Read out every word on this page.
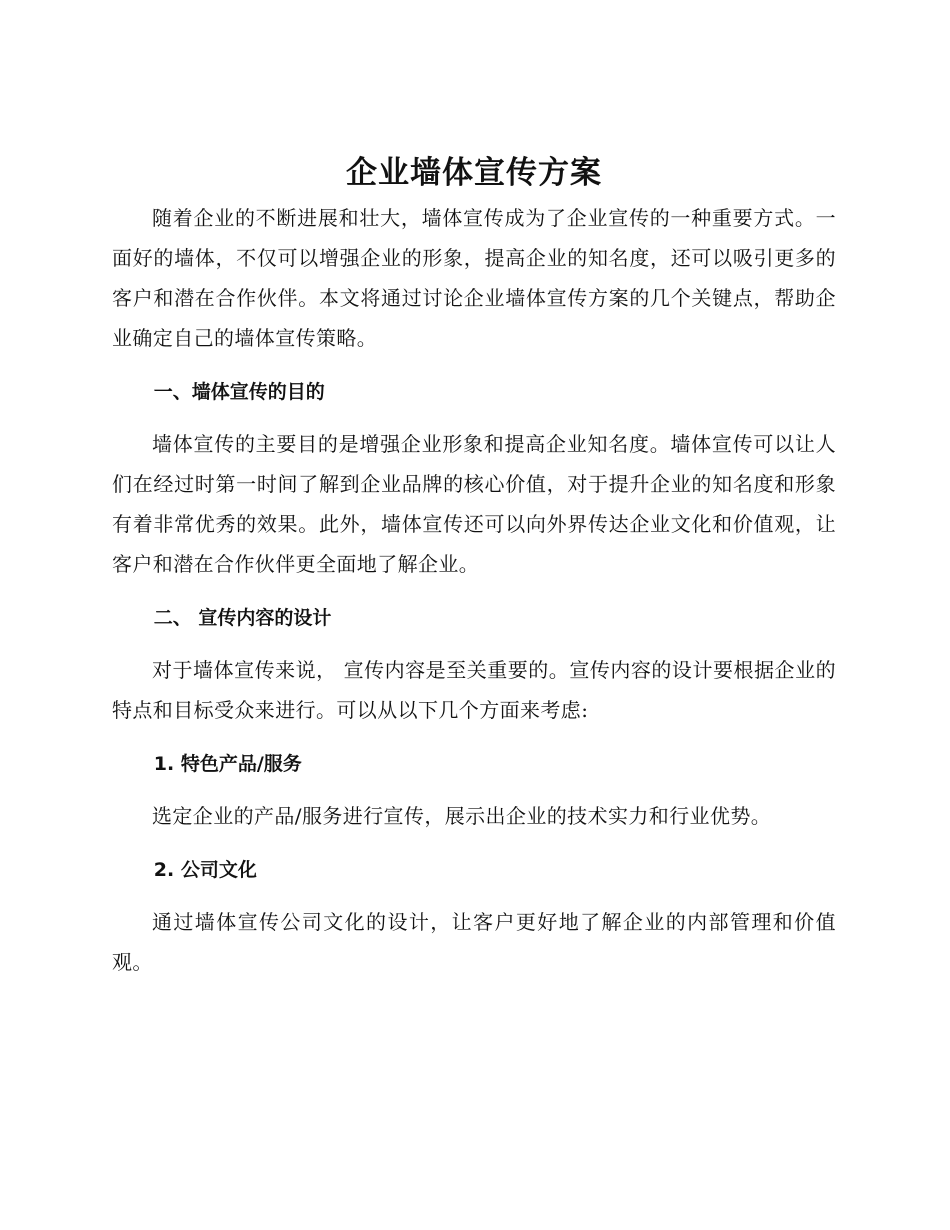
企业墙体宣传方案

随着企业的不断进展和壮大，墙体宣传成为了企业宣传的一种重要方式。一面好的墙体，不仅可以增强企业的形象，提高企业的知名度，还可以吸引更多的客户和潜在合作伙伴。本文将通过讨论企业墙体宣传方案的几个关键点，帮助企业确定自己的墙体宣传策略。

一、墙体宣传的目的

墙体宣传的主要目的是增强企业形象和提高企业知名度。墙体宣传可以让人们在经过时第一时间了解到企业品牌的核心价值，对于提升企业的知名度和形象有着非常优秀的效果。此外，墙体宣传还可以向外界传达企业文化和价值观，让客户和潜在合作伙伴更全面地了解企业。

二、 宣传内容的设计

对于墙体宣传来说， 宣传内容是至关重要的。宣传内容的设计要根据企业的特点和目标受众来进行。可以从以下几个方面来考虑:

1. 特色产品/服务

选定企业的产品/服务进行宣传，展示出企业的技术实力和行业优势。

2. 公司文化

通过墙体宣传公司文化的设计，让客户更好地了解企业的内部管理和价值观。
